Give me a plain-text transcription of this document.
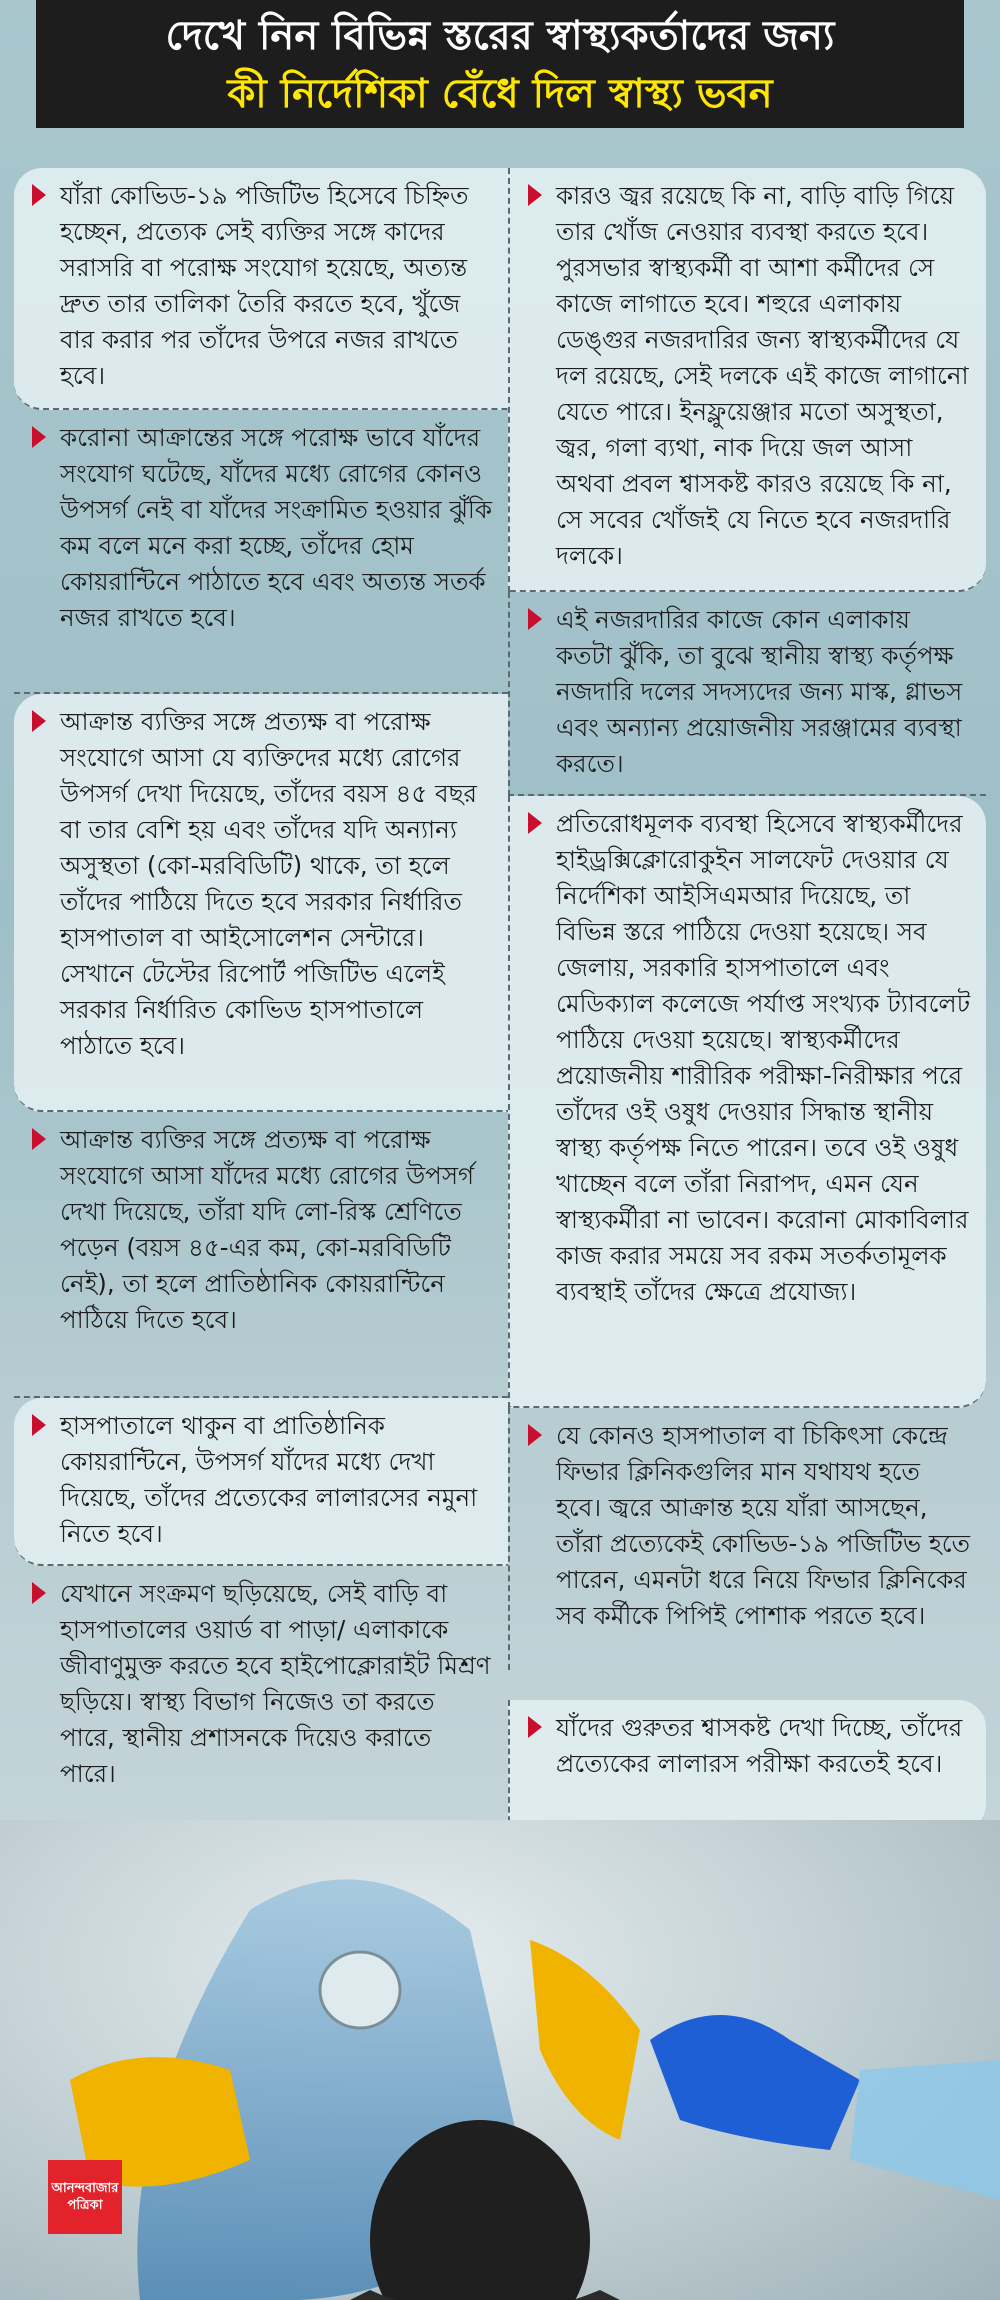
দেখে নিন বিভিন্ন স্তরের স্বাস্থ্যকর্তাদের জন্য
কী নির্দেশিকা বেঁধে দিল স্বাস্থ্য ভবন
যাঁরা কোভিড-১৯ পজিটিভ হিসেবে চিহ্নিত হচ্ছেন, প্রত্যেক সেই ব্যক্তির সঙ্গে কাদের সরাসরি বা পরোক্ষ সংযোগ হয়েছে, অত্যন্ত দ্রুত তার তালিকা তৈরি করতে হবে, খুঁজে বার করার পর তাঁদের উপরে নজর রাখতে হবে।
করোনা আক্রান্তের সঙ্গে পরোক্ষ ভাবে যাঁদের সংযোগ ঘটেছে, যাঁদের মধ্যে রোগের কোনও উপসর্গ নেই বা যাঁদের সংক্রামিত হওয়ার ঝুঁকি কম বলে মনে করা হচ্ছে, তাঁদের হোম কোয়রান্টিনে পাঠাতে হবে এবং অত্যন্ত সতর্ক নজর রাখতে হবে।
আক্রান্ত ব্যক্তির সঙ্গে প্রত্যক্ষ বা পরোক্ষ সংযোগে আসা যে ব্যক্তিদের মধ্যে রোগের উপসর্গ দেখা দিয়েছে, তাঁদের বয়স ৪৫ বছর বা তার বেশি হয় এবং তাঁদের যদি অন্যান্য অসুস্থতা (কো-মরবিডিটি) থাকে, তা হলে তাঁদের পাঠিয়ে দিতে হবে সরকার নির্ধারিত হাসপাতাল বা আইসোলেশন সেন্টারে। সেখানে টেস্টের রিপোর্ট পজিটিভ এলেই সরকার নির্ধারিত কোভিড হাসপাতালে পাঠাতে হবে।
আক্রান্ত ব্যক্তির সঙ্গে প্রত্যক্ষ বা পরোক্ষ সংযোগে আসা যাঁদের মধ্যে রোগের উপসর্গ দেখা দিয়েছে, তাঁরা যদি লো-রিস্ক শ্রেণিতে পড়েন (বয়স ৪৫-এর কম, কো-মরবিডিটি নেই), তা হলে প্রাতিষ্ঠানিক কোয়রান্টিনে পাঠিয়ে দিতে হবে।
হাসপাতালে থাকুন বা প্রাতিষ্ঠানিক কোয়রান্টিনে, উপসর্গ যাঁদের মধ্যে দেখা দিয়েছে, তাঁদের প্রত্যেকের লালারসের নমুনা নিতে হবে।
যেখানে সংক্রমণ ছড়িয়েছে, সেই বাড়ি বা হাসপাতালের ওয়ার্ড বা পাড়া/ এলাকাকে জীবাণুমুক্ত করতে হবে হাইপোক্লোরাইট মিশ্রণ ছড়িয়ে। স্বাস্থ্য বিভাগ নিজেও তা করতে পারে, স্থানীয় প্রশাসনকে দিয়েও করাতে পারে।
কারও জ্বর রয়েছে কি না, বাড়ি বাড়ি গিয়ে তার খোঁজ নেওয়ার ব্যবস্থা করতে হবে। পুরসভার স্বাস্থ্যকর্মী বা আশা কর্মীদের সে কাজে লাগাতে হবে। শহুরে এলাকায় ডেঙ্গুর নজরদারির জন্য স্বাস্থ্যকর্মীদের যে দল রয়েছে, সেই দলকে এই কাজে লাগানো যেতে পারে। ইনফ্লুয়েঞ্জার মতো অসুস্থতা, জ্বর, গলা ব্যথা, নাক দিয়ে জল আসা অথবা প্রবল শ্বাসকষ্ট কারও রয়েছে কি না, সে সবের খোঁজই যে নিতে হবে নজরদারি দলকে।
এই নজরদারির কাজে কোন এলাকায় কতটা ঝুঁকি, তা বুঝে স্থানীয় স্বাস্থ্য কর্তৃপক্ষ নজদারি দলের সদস্যদের জন্য মাস্ক, গ্লাভস এবং অন্যান্য প্রয়োজনীয় সরঞ্জামের ব্যবস্থা করতে।
প্রতিরোধমূলক ব্যবস্থা হিসেবে স্বাস্থ্যকর্মীদের হাইড্রক্সিক্লোরোকুইন সালফেট দেওয়ার যে নির্দেশিকা আইসিএমআর দিয়েছে, তা বিভিন্ন স্তরে পাঠিয়ে দেওয়া হয়েছে। সব জেলায়, সরকারি হাসপাতালে এবং মেডিক্যাল কলেজে পর্যাপ্ত সংখ্যক ট্যাবলেট পাঠিয়ে দেওয়া হয়েছে। স্বাস্থ্যকর্মীদের প্রয়োজনীয় শারীরিক পরীক্ষা-নিরীক্ষার পরে তাঁদের ওই ওষুধ দেওয়ার সিদ্ধান্ত স্থানীয় স্বাস্থ্য কর্তৃপক্ষ নিতে পারেন। তবে ওই ওষুধ খাচ্ছেন বলে তাঁরা নিরাপদ, এমন যেন স্বাস্থ্যকর্মীরা না ভাবেন। করোনা মোকাবিলার কাজ করার সময়ে সব রকম সতর্কতামূলক ব্যবস্থাই তাঁদের ক্ষেত্রে প্রযোজ্য।
যে কোনও হাসপাতাল বা চিকিৎসা কেন্দ্রে ফিভার ক্লিনিকগুলির মান যথাযথ হতে হবে। জ্বরে আক্রান্ত হয়ে যাঁরা আসছেন, তাঁরা প্রত্যেকেই কোভিড-১৯ পজিটিভ হতে পারেন, এমনটা ধরে নিয়ে ফিভার ক্লিনিকের সব কর্মীকে পিপিই পোশাক পরতে হবে।
যাঁদের গুরুতর শ্বাসকষ্ট দেখা দিচ্ছে, তাঁদের প্রত্যেকের লালারস পরীক্ষা করতেই হবে।
আনন্দবাজার
পত্রিকা
